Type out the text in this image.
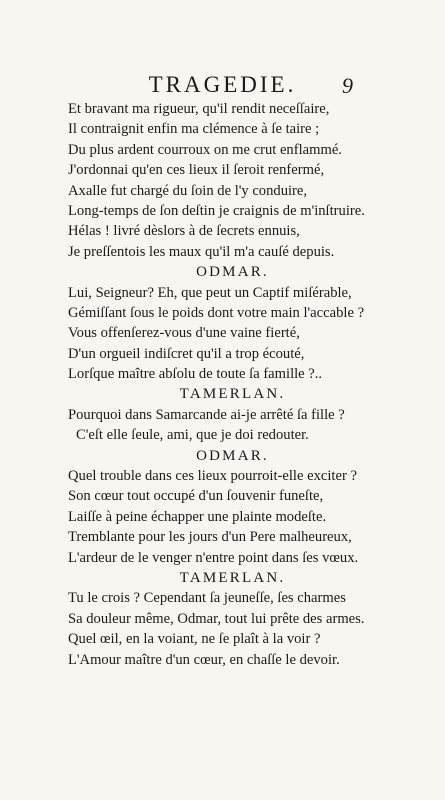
TRAGEDIE.	9
Et bravant ma rigueur, qu'il rendit neceſſaire,
Il contraignit enfin ma clémence à ſe taire ;
Du plus ardent courroux on me crut enflammé.
J'ordonnai qu'en ces lieux il ſeroit renfermé,
Axalle fut chargé du ſoin de l'y conduire,
Long-temps de ſon deſtin je craignis de m'inſtruire.
Hélas ! livré dèslors à de ſecrets ennuis,
Je preſſentois les maux qu'il m'a cauſé depuis.
ODMAR.
Lui, Seigneur? Eh, que peut un Captif miſérable,
Gémiſſant ſous le poids dont votre main l'accable ?
Vous offenſerez-vous d'une vaine fierté,
D'un orgueil indiſcret qu'il a trop écouté,
Lorſque maître abſolu de toute ſa famille ?..
TAMERLAN.
Pourquoi dans Samarcande ai-je arrêté ſa fille ?
C'eſt elle ſeule, ami, que je doi redouter.
ODMAR.
Quel trouble dans ces lieux pourroit-elle exciter ?
Son cœur tout occupé d'un ſouvenir funeſte,
Laiſſe à peine échapper une plainte modeſte.
Tremblante pour les jours d'un Pere malheureux,
L'ardeur de le venger n'entre point dans ſes vœux.
TAMERLAN.
Tu le crois ? Cependant ſa jeuneſſe, ſes charmes
Sa douleur même, Odmar, tout lui prête des armes.
Quel œil, en la voiant, ne ſe plaît à la voir ?
L'Amour maître d'un cœur, en chaſſe le devoir.
